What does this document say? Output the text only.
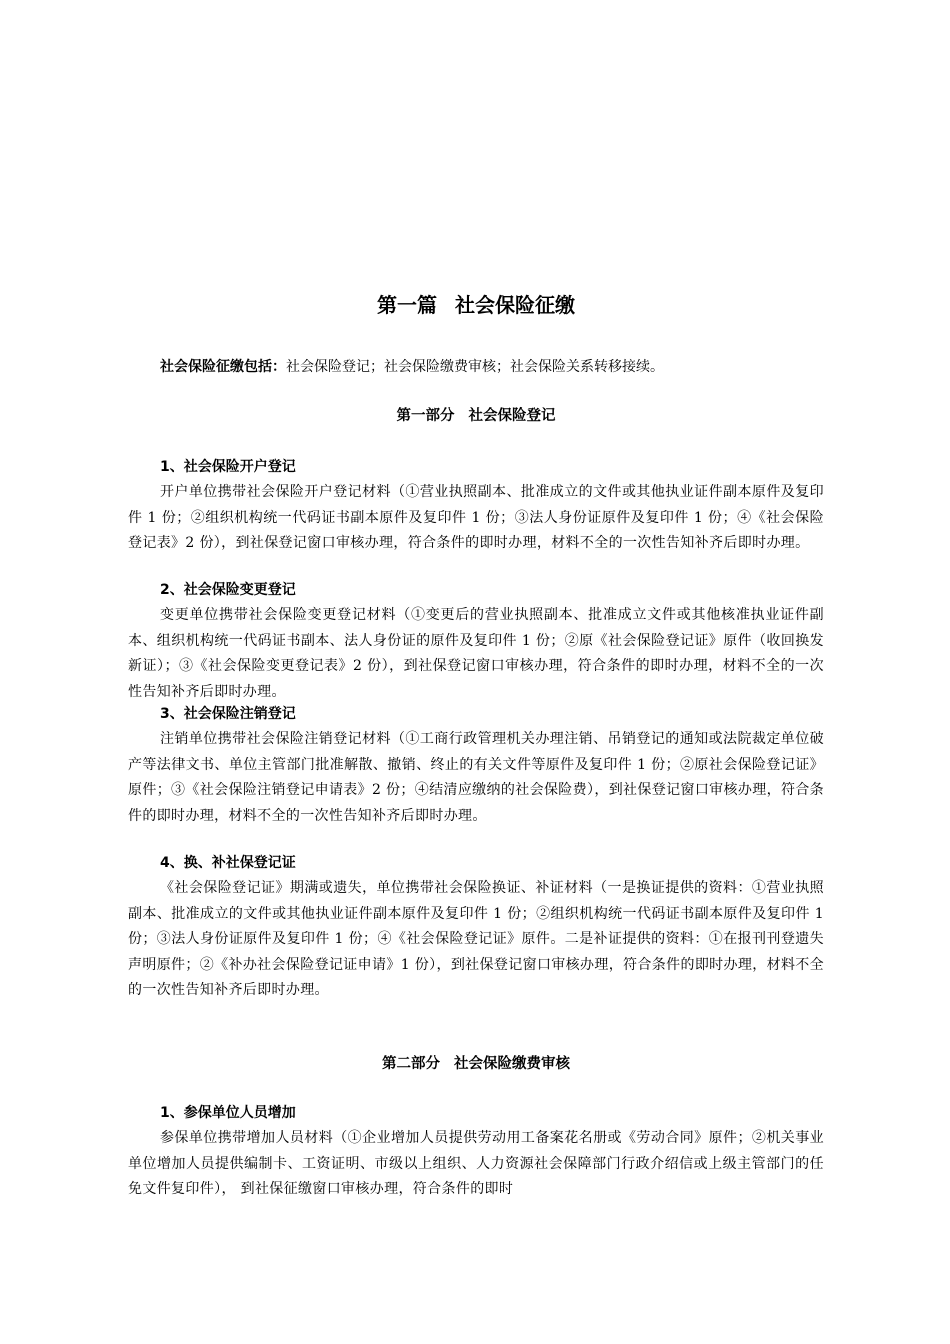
第一篇 社会保险征缴

社会保险征缴包括：社会保险登记；社会保险缴费审核；社会保险关系转移接续。

第一部分 社会保险登记
1、社会保险开户登记

开户单位携带社会保险开户登记材料（①营业执照副本、批准成立的文件或其他执业证件副本原件及复印件 1 份；②组织机构统一代码证书副本原件及复印件 1 份；③法人身份证原件及复印件 1 份；④《社会保险登记表》2 份），到社保登记窗口审核办理，符合条件的即时办理，材料不全的一次性告知补齐后即时办理。

2、社会保险变更登记

变更单位携带社会保险变更登记材料（①变更后的营业执照副本、批准成立文件或其他核准执业证件副本、组织机构统一代码证书副本、法人身份证的原件及复印件 1 份；②原《社会保险登记证》原件（收回换发新证）；③《社会保险变更登记表》2 份），到社保登记窗口审核办理，符合条件的即时办理，材料不全的一次性告知补齐后即时办理。

3、社会保险注销登记

注销单位携带社会保险注销登记材料（①工商行政管理机关办理注销、吊销登记的通知或法院裁定单位破产等法律文书、单位主管部门批准解散、撤销、终止的有关文件等原件及复印件 1 份；②原社会保险登记证》原件；③《社会保险注销登记申请表》2 份；④结清应缴纳的社会保险费），到社保登记窗口审核办理，符合条件的即时办理，材料不全的一次性告知补齐后即时办理。

4、换、补社保登记证

《社会保险登记证》期满或遗失，单位携带社会保险换证、补证材料（一是换证提供的资料：①营业执照副本、批准成立的文件或其他执业证件副本原件及复印件 1 份；②组织机构统一代码证书副本原件及复印件 1 份；③法人身份证原件及复印件 1 份；④《社会保险登记证》原件。二是补证提供的资料：①在报刊刊登遗失声明原件；②《补办社会保险登记证申请》1 份），到社保登记窗口审核办理，符合条件的即时办理，材料不全的一次性告知补齐后即时办理。

第二部分 社会保险缴费审核
1、参保单位人员增加

参保单位携带增加人员材料（①企业增加人员提供劳动用工备案花名册或《劳动合同》原件；②机关事业单位增加人员提供编制卡、工资证明、市级以上组织、人力资源社会保障部门行政介绍信或上级主管部门的任免文件复印件）， 到社保征缴窗口审核办理，符合条件的即时
